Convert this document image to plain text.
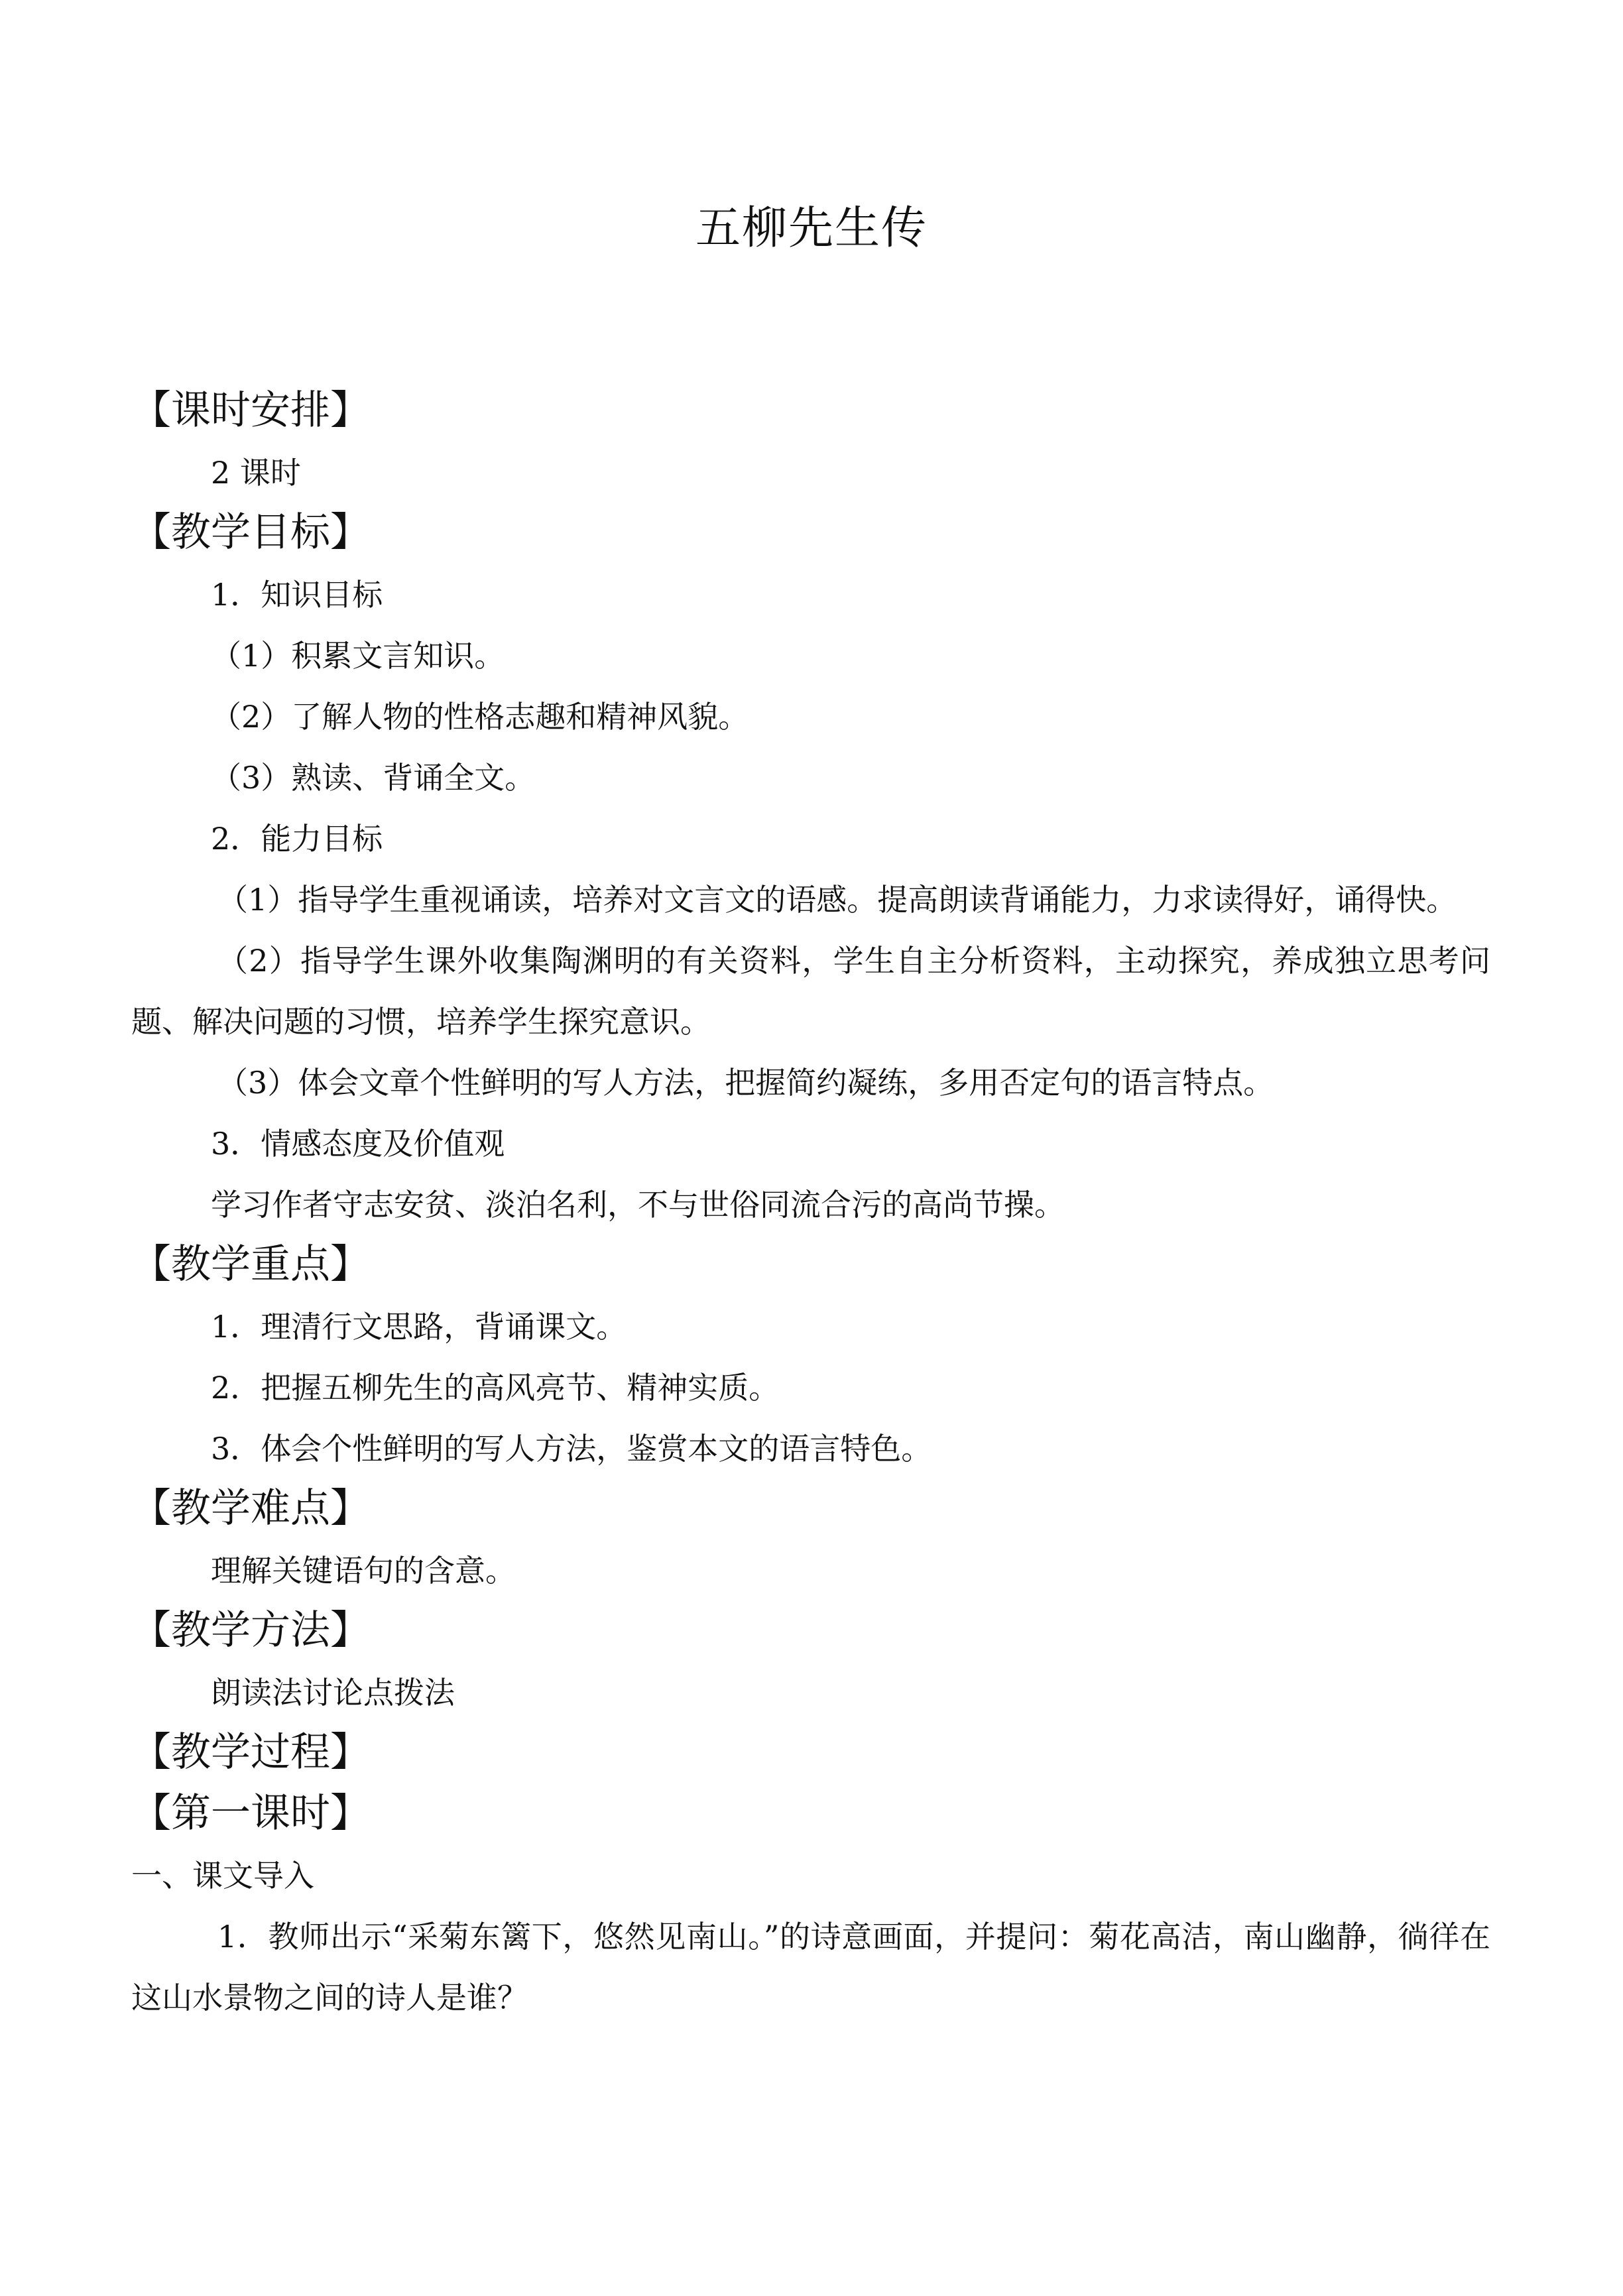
五柳先生传
【课时安排】

2 课时

【教学目标】

1．知识目标

（1）积累文言知识。

（2）了解人物的性格志趣和精神风貌。

（3）熟读、背诵全文。

2．能力目标

（1）指导学生重视诵读，培养对文言文的语感。提高朗读背诵能力，力求读得好，诵得快。

（2）指导学生课外收集陶渊明的有关资料，学生自主分析资料，主动探究，养成独立思考问题、解决问题的习惯，培养学生探究意识。

（3）体会文章个性鲜明的写人方法，把握简约凝练，多用否定句的语言特点。

3．情感态度及价值观

学习作者守志安贫、淡泊名利，不与世俗同流合污的高尚节操。

【教学重点】

1．理清行文思路，背诵课文。

2．把握五柳先生的高风亮节、精神实质。

3．体会个性鲜明的写人方法，鉴赏本文的语言特色。

【教学难点】

理解关键语句的含意。

【教学方法】

朗读法讨论点拨法

【教学过程】
【第一课时】

一、课文导入

1．教师出示“采菊东篱下，悠然见南山。”的诗意画面，并提问：菊花高洁，南山幽静，徜徉在这山水景物之间的诗人是谁？
